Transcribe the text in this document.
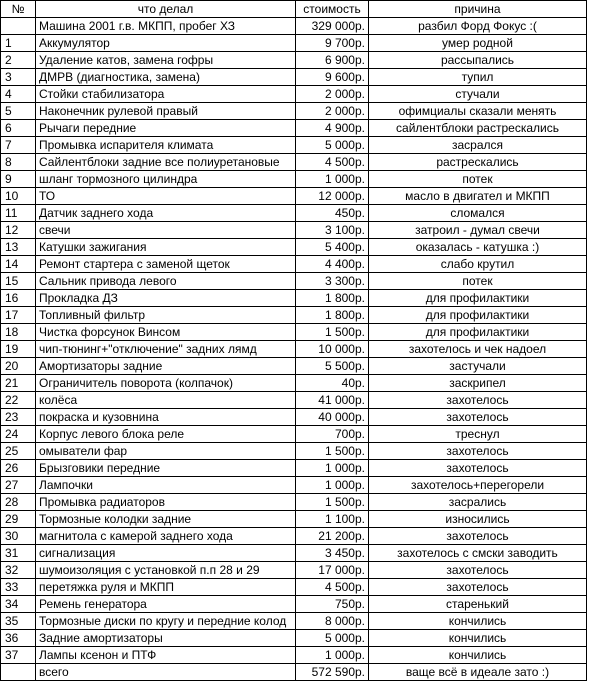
№	что делал	стоимость	причина
	Машина 2001 г.в. МКПП, пробег ХЗ	329 000р.	разбил Форд Фокус :(
1	Аккумулятор	9 700р.	умер родной
2	Удаление катов, замена гофры	6 900р.	рассыпались
3	ДМРВ (диагностика, замена)	9 600р.	тупил
4	Стойки стабилизатора	2 000р.	стучали
5	Наконечник рулевой правый	2 000р.	офимциалы сказали менять
6	Рычаги передние	4 900р.	сайлентблоки растрескались
7	Промывка испарителя климата	5 000р.	засрался
8	Сайлентблоки задние все полиуретановые	4 500р.	растрескались
9	шланг тормозного цилиндра	1 000р.	потек
10	ТО	12 000р.	масло в двигател и МКПП
11	Датчик заднего хода	450р.	сломался
12	свечи	3 100р.	затроил - думал свечи
13	Катушки зажигания	5 400р.	оказалась - катушка :)
14	Ремонт стартера с заменой щеток	4 400р.	слабо крутил
15	Сальник привода левого	3 300р.	потек
16	Прокладка ДЗ	1 800р.	для профилактики
17	Топливный фильтр	1 800р.	для профилактики
18	Чистка форсунок Винсом	1 500р.	для профилактики
19	чип-тюнинг+"отключение" задних лямд	10 000р.	захотелось и чек надоел
20	Амортизаторы задние	5 500р.	застучали
21	Ограничитель поворота (колпачок)	40р.	заскрипел
22	колёса	41 000р.	захотелось
23	покраска и кузовнина	40 000р.	захотелось
24	Корпус левого блока реле	700р.	треснул
25	омыватели фар	1 500р.	захотелось
26	Брызговики передние	1 000р.	захотелось
27	Лампочки	1 000р.	захотелось+перегорели
28	Промывка радиаторов	1 500р.	засрались
29	Тормозные колодки задние	1 100р.	износились
30	магнитола с камерой заднего хода	21 200р.	захотелось
31	сигнализация	3 450р.	захотелось с смски заводить
32	шумоизоляция с установкой п.п 28 и 29	17 000р.	захотелось
33	перетяжка руля и МКПП	4 500р.	захотелось
34	Ремень генератора	750р.	старенький
35	Тормозные диски по кругу и передние колод	8 000р.	кончились
36	Задние амортизаторы	5 000р.	кончились
37	Лампы ксенон и ПТФ	1 000р.	кончились
	всего	572 590р.	ваще всё в идеале зато :)
